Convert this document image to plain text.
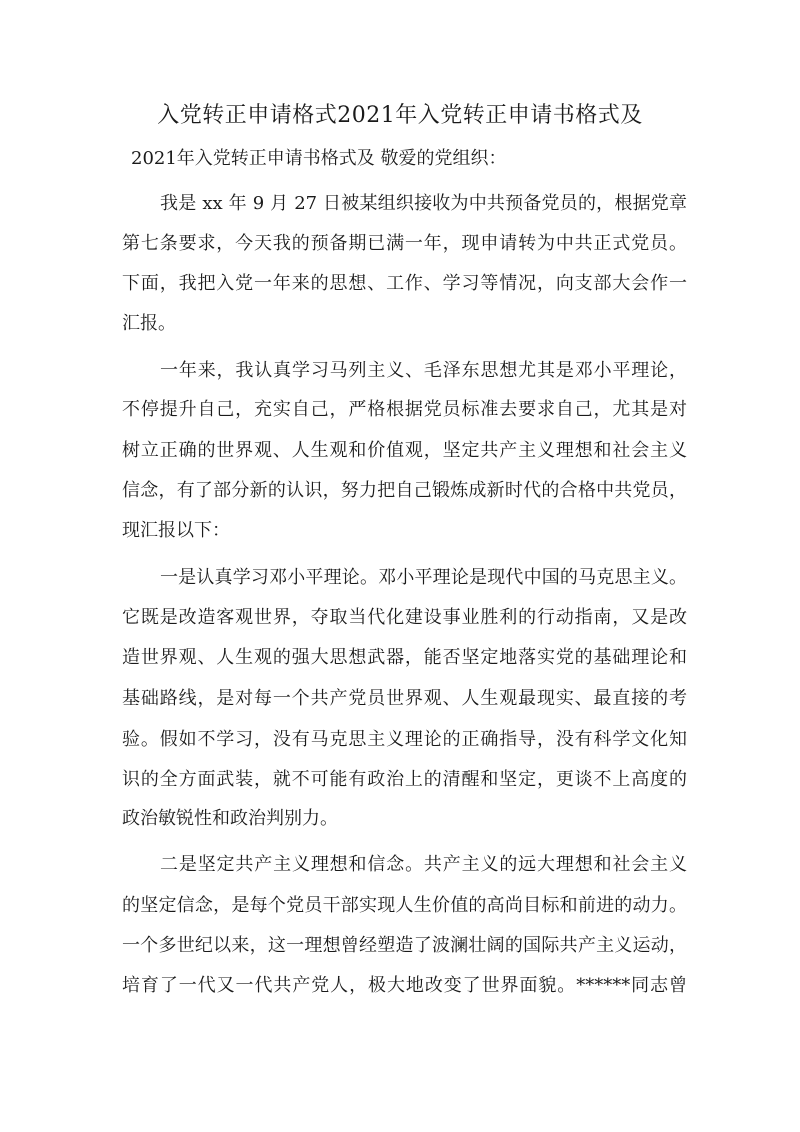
入党转正申请格式2021年入党转正申请书格式及
2021年入党转正申请书格式及 敬爱的党组织：
我是 xx 年 9 月 27 日被某组织接收为中共预备党员的，根据党章
第七条要求，今天我的预备期已满一年，现申请转为中共正式党员。
下面，我把入党一年来的思想、工作、学习等情况，向支部大会作一
汇报。
一年来，我认真学习马列主义、毛泽东思想尤其是邓小平理论，
不停提升自己，充实自己，严格根据党员标准去要求自己，尤其是对
树立正确的世界观、人生观和价值观，坚定共产主义理想和社会主义
信念，有了部分新的认识，努力把自己锻炼成新时代的合格中共党员，
现汇报以下：
一是认真学习邓小平理论。邓小平理论是现代中国的马克思主义。
它既是改造客观世界，夺取当代化建设事业胜利的行动指南，又是改
造世界观、人生观的强大思想武器，能否坚定地落实党的基础理论和
基础路线，是对每一个共产党员世界观、人生观最现实、最直接的考
验。假如不学习，没有马克思主义理论的正确指导，没有科学文化知
识的全方面武装，就不可能有政治上的清醒和坚定，更谈不上高度的
政治敏锐性和政治判别力。
二是坚定共产主义理想和信念。共产主义的远大理想和社会主义
的坚定信念，是每个党员干部实现人生价值的高尚目标和前进的动力。
一个多世纪以来，这一理想曾经塑造了波澜壮阔的国际共产主义运动，
培育了一代又一代共产党人，极大地改变了世界面貌。******同志曾
